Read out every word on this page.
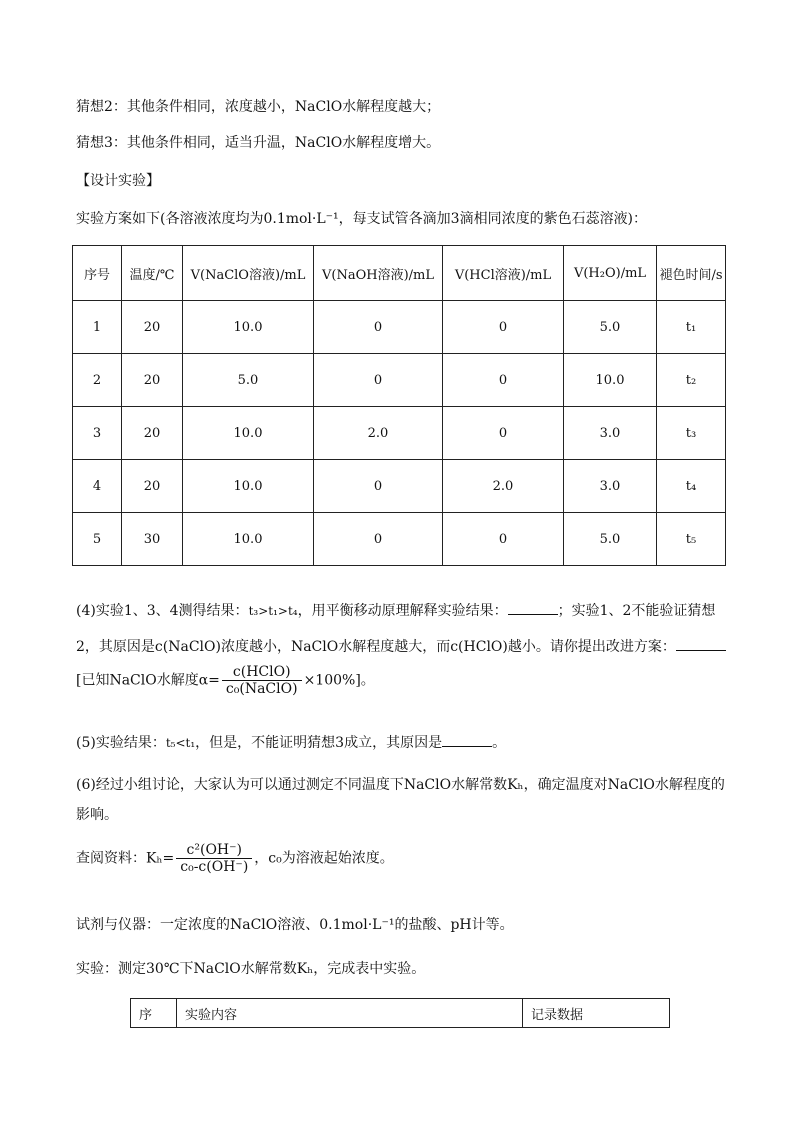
猜想2：其他条件相同，浓度越小，NaClO水解程度越大；
猜想3：其他条件相同，适当升温，NaClO水解程度增大。
【设计实验】
实验方案如下(各溶液浓度均为0.1mol·L⁻¹，每支试管各滴加3滴相同浓度的紫色石蕊溶液)：
序号	温度/℃	V(NaClO溶液)/mL	V(NaOH溶液)/mL	V(HCl溶液)/mL	V(H₂O)/mL	褪色时间/s
1	20	10.0	0	0	5.0	t₁
2	20	5.0	0	0	10.0	t₂
3	20	10.0	2.0	0	3.0	t₃
4	20	10.0	0	2.0	3.0	t₄
5	30	10.0	0	0	5.0	t₅
(4)实验1、3、4测得结果：t₃>t₁>t₄，用平衡移动原理解释实验结果：	；实验1、2不能验证猜想
2，其原因是c(NaClO)浓度越小，NaClO水解程度越大，而c(HClO)越小。请你提出改进方案：
[已知NaClO水解度$\alpha= \frac{\text{c(HClO)}}{\text{c₀(NaClO)}} \times 100\%$]。
(5)实验结果：t₅<t₁，但是，不能证明猜想3成立，其原因是	。
(6)经过小组讨论，大家认为可以通过测定不同温度下NaClO水解常数Kₕ，确定温度对NaClO水解程度的
影响。
查阅资料：$K_h= \frac{\text{c²(OH⁻)}}{\text{c₀-c(OH⁻)}}$ ，c₀为溶液起始浓度。
试剂与仪器：一定浓度的NaClO溶液、0.1mol·L⁻¹的盐酸、pH计等。
实验：测定30℃下NaClO水解常数Kₕ，完成表中实验。
序	实验内容	记录数据
